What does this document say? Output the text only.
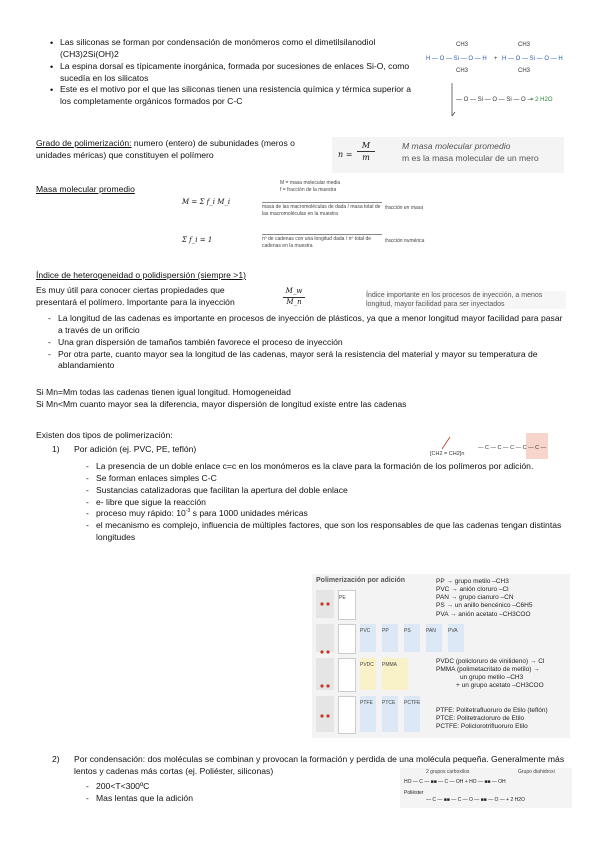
• Las siliconas se forman por condensación de monómeros como el dimetilsilanodiol (CH3)2Si(OH)2
• La espina dorsal es típicamente inorgánica, formada por sucesiones de enlaces Si-O, como sucedía en los silicatos
• Este es el motivo por el que las siliconas tienen una resistencia química y térmica superior a los completamente orgánicos formados por C-C
CH3	CH3
H — O — Si — O — H + H — O — Si — O — H
CH3	CH3
— O — Si — O — Si — O —
+ 2 H2O
Grado de polimerización: numero (entero) de subunidades (meros o unidades méricas) que constituyen el polímero	$n = \frac{M}{m}$	M masa molecular promedio
m es la masa molecular de un mero
Masa molecular promedio
M = masa molecular media
f = fracción de la muestra
M = Σ f_i M_i
masa de las macromoléculas de dada / masa total de las macromoléculas en la muestra
fracción en masa
Σ f_i = 1	nº de cadenas con una longitud dada / nº total de cadenas en la muestra
fracción numérica
Índice de heterogeneidad o polidispersión (siempre >1)
Es muy útil para conocer ciertas propiedades que
presentará el polímero. Importante para la inyección	$\frac{M\_w}{M\_n}$	Índice importante en los procesos de inyección, a menos longitud, mayor facilidad para ser inyectados
- La longitud de las cadenas es importante en procesos de inyección de plásticos, ya que a menor longitud mayor facilidad para pasar a través de un orificio
- Una gran dispersión de tamaños también favorece el proceso de inyección
- Por otra parte, cuanto mayor sea la longitud de las cadenas, mayor será la resistencia del material y mayor su temperatura de ablandamiento
Si Mn=Mm todas las cadenas tienen igual longitud. Homogeneidad
Si Mn<Mm cuanto mayor sea la diferencia, mayor dispersión de longitud existe entre las cadenas
Existen dos tipos de polimerización:
1) Por adición (ej. PVC, PE, teflón)	[CH2 = CH2]n
— C — C — C — C — C —
- La presencia de un doble enlace c=c en los monómeros es la clave para la formación de los polímeros por adición.
- Se forman enlaces simples C-C
- Sustancias catalizadoras que facilitan la apertura del doble enlace
- e- libre que sigue la reacción
- proceso muy rápido: $10^{-3}$ s para 1000 unidades méricas
- el mecanismo es complejo, influencia de múltiples factores, que son los responsables de que las cadenas tengan distintas longitudes
Polimerización por adición
PE
PVC	PP	PS	PAN	PVA
PVDC	PMMA
PTFE	PTCE	PCTFE
PP → grupo metilo –CH3
PVC → anión cloruro –Cl
PAN → grupo cianuro –CN
PS → un anillo bencénico –C6H5
PVA → anión acetato –CH3COO
PVDC (policloruro de vinilideno) → Cl
PMMA (polimetacrilato de metilo) →
un grupo metilo –CH3
+ un grupo acetato –CH3COO
PTFE: Politetrafluoruro de Etilo (teflón)
PTCE: Politetracloruro de Etilo
PCTFE: Policlorotrifluoruro Etilo
2) Por condensación: dos moléculas se combinan y provocan la formación y perdida de una molécula pequeña. Generalmente más lentos y cadenas más cortas (ej. Poliéster, siliconas)
- 200<T<300ºC
- Mas lentas que la adición
2 grupos carboxilos	Grupo diahidroxi
HO — C — ■■ — C — OH + HO — ■■ — OH
Poliéster
— C — ■■ — C — O — ■■ — O — + 2 H2O
